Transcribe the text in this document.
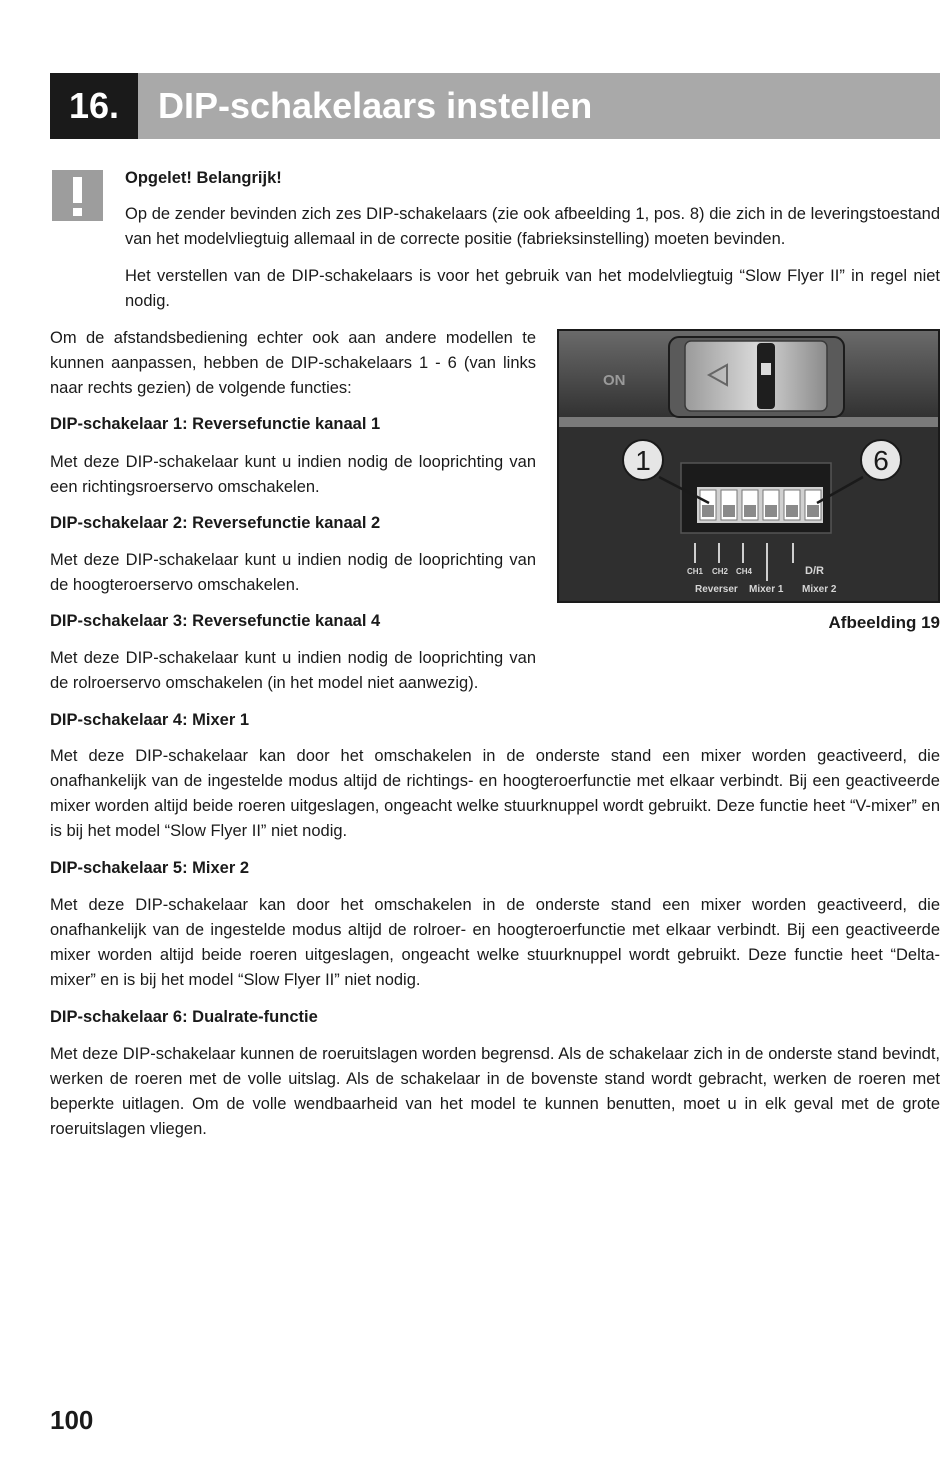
16.	DIP-schakelaars instellen

Opgelet! Belangrijk!

Op de zender bevinden zich zes DIP-schakelaars (zie ook afbeelding 1, pos. 8) die zich in de leveringstoestand van het modelvliegtuig allemaal in de correcte positie (fabrieksinstelling) moeten bevinden.

Het verstellen van de DIP-schakelaars is voor het gebruik van het modelvliegtuig “Slow Flyer II” in regel niet nodig.

Om de afstandsbediening echter ook aan andere modellen te kunnen aanpassen, hebben de DIP-schakelaars 1 - 6 (van links naar rechts gezien) de volgende functies:

DIP-schakelaar 1: Reversefunctie kanaal 1

Met deze DIP-schakelaar kunt u indien nodig de looprichting van een richtingsroerservo omschakelen.

DIP-schakelaar 2: Reversefunctie kanaal 2

Met deze DIP-schakelaar kunt u indien nodig de looprichting van de hoogteroerservo omschakelen.

DIP-schakelaar 3: Reversefunctie kanaal 4

Met deze DIP-schakelaar kunt u indien nodig de looprichting van de rolroerservo omschakelen (in het model niet aanwezig).

DIP-schakelaar 4: Mixer 1

Met deze DIP-schakelaar kan door het omschakelen in de onderste stand een mixer worden geactiveerd, die onafhankelijk van de ingestelde modus altijd de richtings- en hoogteroerfunctie met elkaar verbindt. Bij een geactiveerde mixer worden altijd beide roeren uitgeslagen, ongeacht welke stuurknuppel wordt gebruikt. Deze functie heet “V-mixer” en is bij het model “Slow Flyer II” niet nodig.

DIP-schakelaar 5: Mixer 2

Met deze DIP-schakelaar kan door het omschakelen in de onderste stand een mixer worden geactiveerd, die onafhankelijk van de ingestelde modus altijd de rolroer- en hoogteroerfunctie met elkaar verbindt. Bij een geactiveerde mixer worden altijd beide roeren uitgeslagen, ongeacht welke stuurknuppel wordt gebruikt. Deze functie heet “Delta-mixer” en is bij het model “Slow Flyer II” niet nodig.

DIP-schakelaar 6: Dualrate-functie

Met deze DIP-schakelaar kunnen de roeruitslagen worden begrensd. Als de schakelaar zich in de onderste stand bevindt, werken de roeren met de volle uitslag. Als de schakelaar in de bovenste stand wordt gebracht, werken de roeren met beperkte uitlagen. Om de volle wendbaarheid van het model te kunnen benutten, moet u in elk geval met de grote roeruitslagen vliegen.

ON
1	6
CH1 CH2 CH4	D/R
Reverser Mixer 1 Mixer 2
Afbeelding 19
100
